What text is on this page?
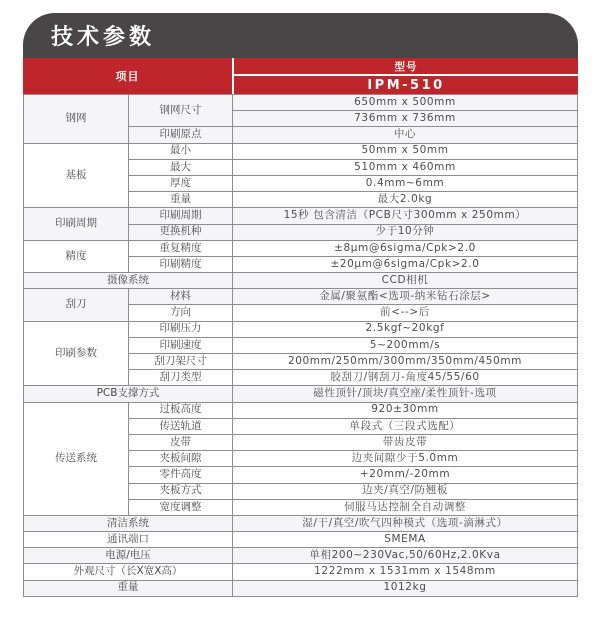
技术参数
项目
型号
IPM-510
钢网	钢网尺寸	650mm x 500mm
		736mm x 736mm
	印刷原点	中心
基板	最小	50mm x 50mm
	最大	510mm x 460mm
	厚度	0.4mm~6mm
	重量	最大2.0kg
印刷周期	印刷周期	15秒 包含清洁（PCB尺寸300mm x 250mm）
	更换机种	少于10分钟
精度	重复精度	±8μm@6sigma/Cpk>2.0
	印刷精度	±20μm@6sigma/Cpk>2.0
摄像系统		CCD相机
刮刀	材料	金属/聚氨酯<选项-纳米钻石涂层>
	方向	前<-->后
印刷参数	印刷压力	2.5kgf~20kgf
	印刷速度	5~200mm/s
	刮刀架尺寸	200mm/250mm/300mm/350mm/450mm
	刮刀类型	胶刮刀/钢刮刀-角度45/55/60
PCB支撑方式		磁性顶针/顶块/真空座/柔性顶针-选项
传送系统	过板高度	920±30mm
	传送轨道	单段式（三段式选配）
	皮带	带齿皮带
	夹板间隙	边夹间隙少于5.0mm
	零件高度	+20mm/-20mm
	夹板方式	边夹/真空/防翘板
	宽度调整	伺服马达控制全自动调整
清洁系统		湿/干/真空/吹气四种模式（选项-滴淋式）
通讯端口		SMEMA
电源/电压		单相200~230Vac,50/60Hz,2.0Kva
外观尺寸（长X宽X高）		1222mm x 1531mm x 1548mm
重量		1012kg
